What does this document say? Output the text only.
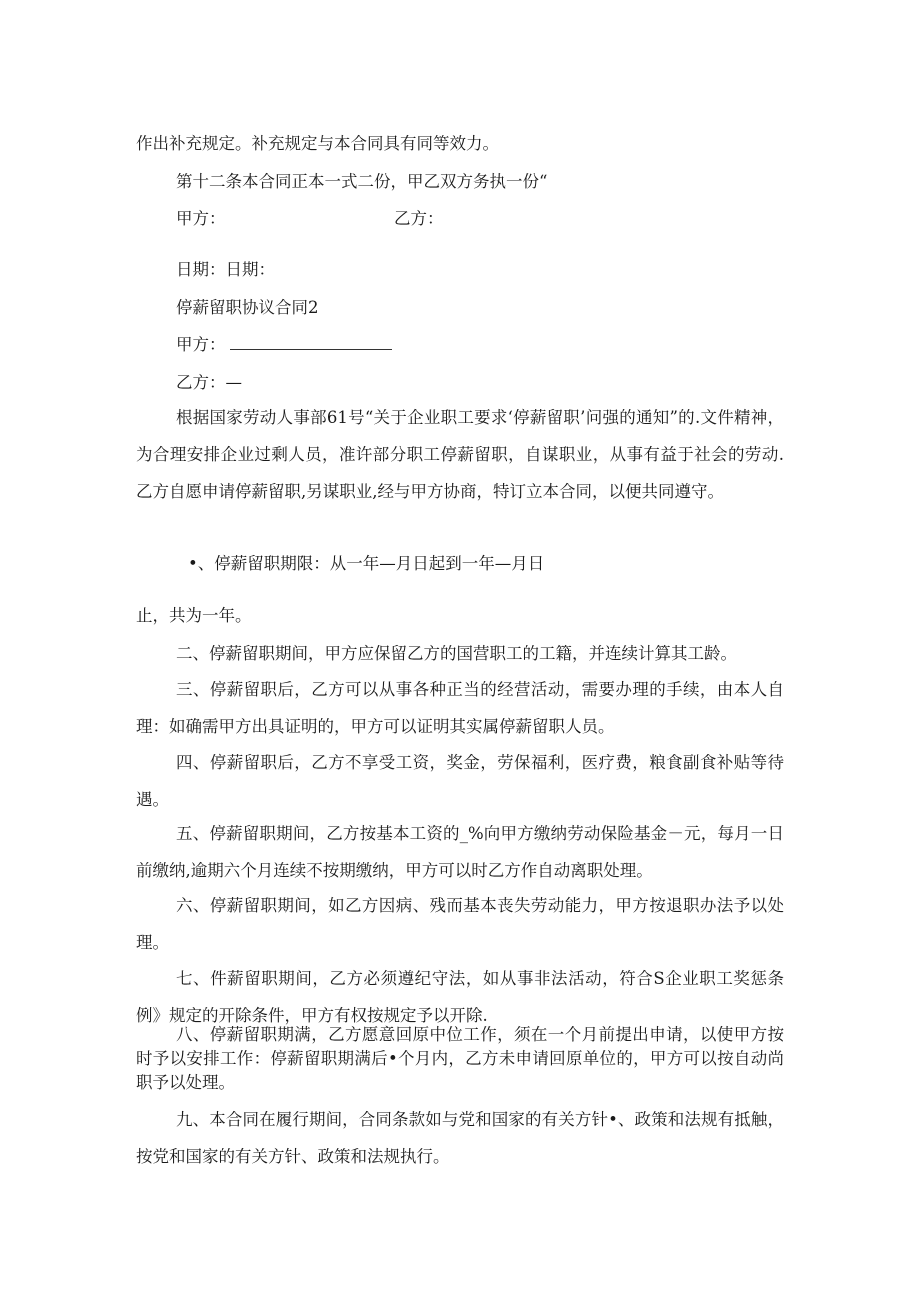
作出补充规定。补充规定与本合同具有同等效力。

第十二条本合同正本一式二份，甲乙双方务执一份“

甲方：	乙方：

日期：日期：

停薪留职协议合同2

甲方：

乙方：—

根据国家劳动人事部61号“关于企业职工要求‘停薪留职’问强的通知”的.文件精神，为合理安排企业过剩人员，准许部分职工停薪留职，自谋职业，从事有益于社会的劳动.乙方自愿申请停薪留职,另谋职业,经与甲方协商，特订立本合同，以便共同遵守。

•、停薪留职期限：从一年—月日起到一年—月日

止，共为一年。

二、停薪留职期间，甲方应保留乙方的国营职工的工籍，并连续计算其工龄。

三、停薪留职后，乙方可以从事各种正当的经营活动，需要办理的手续，由本人自理：如确需甲方出具证明的，甲方可以证明其实属停薪留职人员。

四、停薪留职后，乙方不享受工资，奖金，劳保福利，医疗费，粮食副食补贴等待遇。

五、停薪留职期间，乙方按基本工资的_%向甲方缴纳劳动保险基金－元，每月一日前缴纳,逾期六个月连续不按期缴纳，甲方可以时乙方作自动离职处理。

六、停薪留职期间，如乙方因病、残而基本丧失劳动能力，甲方按退职办法予以处理。

七、件薪留职期间，乙方必须遵纪守法，如从事非法活动，符合S企业职工奖惩条例》规定的开除条件，甲方有权按规定予以开除.

八、停薪留职期满，乙方愿意回原中位工作，须在一个月前提出申请，以使甲方按时予以安排工作：停薪留职期满后•个月内，乙方未申请回原单位的，甲方可以按自动尚职予以处理。

九、本合同在履行期间，合同条款如与党和国家的有关方针•、政策和法规有抵触，按党和国家的有关方针、政策和法规执行。
